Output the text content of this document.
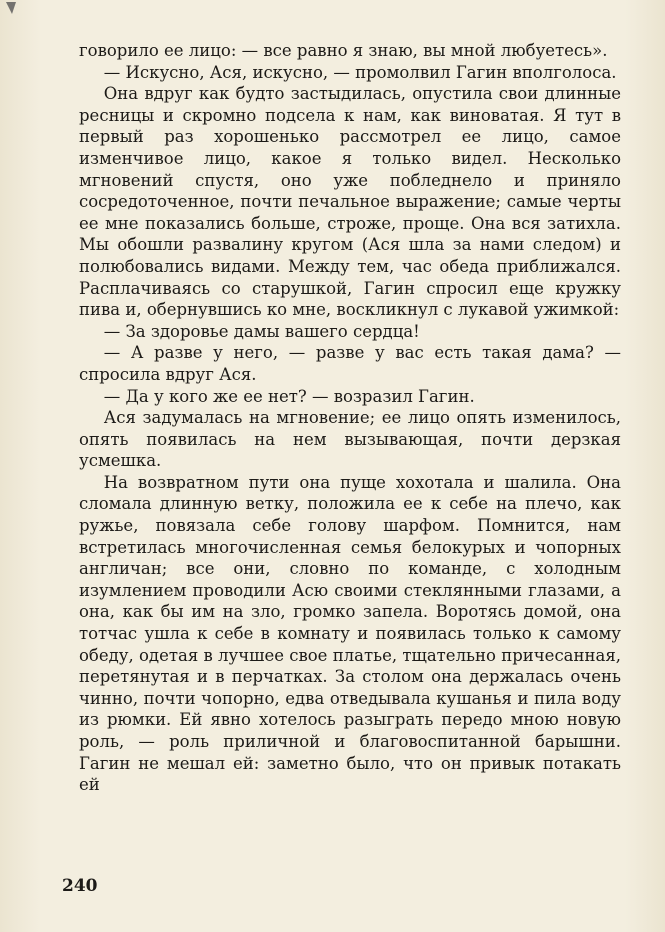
говорило ее лицо: — все равно я знаю, вы мной любуетесь».

— Искусно, Ася, искусно, — промолвил Гагин вполголоса.

Она вдруг как будто застыдилась, опустила свои длинные ресницы и скромно подсела к нам, как виноватая. Я тут в первый раз хорошенько рассмотрел ее лицо, самое изменчивое лицо, какое я только видел. Несколько мгновений спустя, оно уже побледнело и приняло сосредоточенное, почти печальное выражение; самые черты ее мне показались больше, строже, проще. Она вся затихла. Мы обошли развалину кругом (Ася шла за нами следом) и полюбовались видами. Между тем, час обеда приближался. Расплачиваясь со старушкой, Гагин спросил еще кружку пива и, обернувшись ко мне, воскликнул с лукавой ужимкой:

— За здоровье дамы вашего сердца!

— А разве у него, — разве у вас есть такая дама? — спросила вдруг Ася.

— Да у кого же ее нет? — возразил Гагин.

Ася задумалась на мгновение; ее лицо опять изменилось, опять появилась на нем вызывающая, почти дерзкая усмешка.

На возвратном пути она пуще хохотала и шалила. Она сломала длинную ветку, положила ее к себе на плечо, как ружье, повязала себе голову шарфом. Помнится, нам встретилась многочисленная семья белокурых и чопорных англичан; все они, словно по команде, с холодным изумлением проводили Асю своими стеклянными глазами, а она, как бы им на зло, громко запела. Воротясь домой, она тотчас ушла к себе в комнату и появилась только к самому обеду, одетая в лучшее свое платье, тщательно причесанная, перетянутая и в перчатках. За столом она держалась очень чинно, почти чопорно, едва отведывала кушанья и пила воду из рюмки. Ей явно хотелось разыграть передо мною новую роль, — роль приличной и благовоспитанной барышни. Гагин не мешал ей: заметно было, что он привык потакать ей

240
